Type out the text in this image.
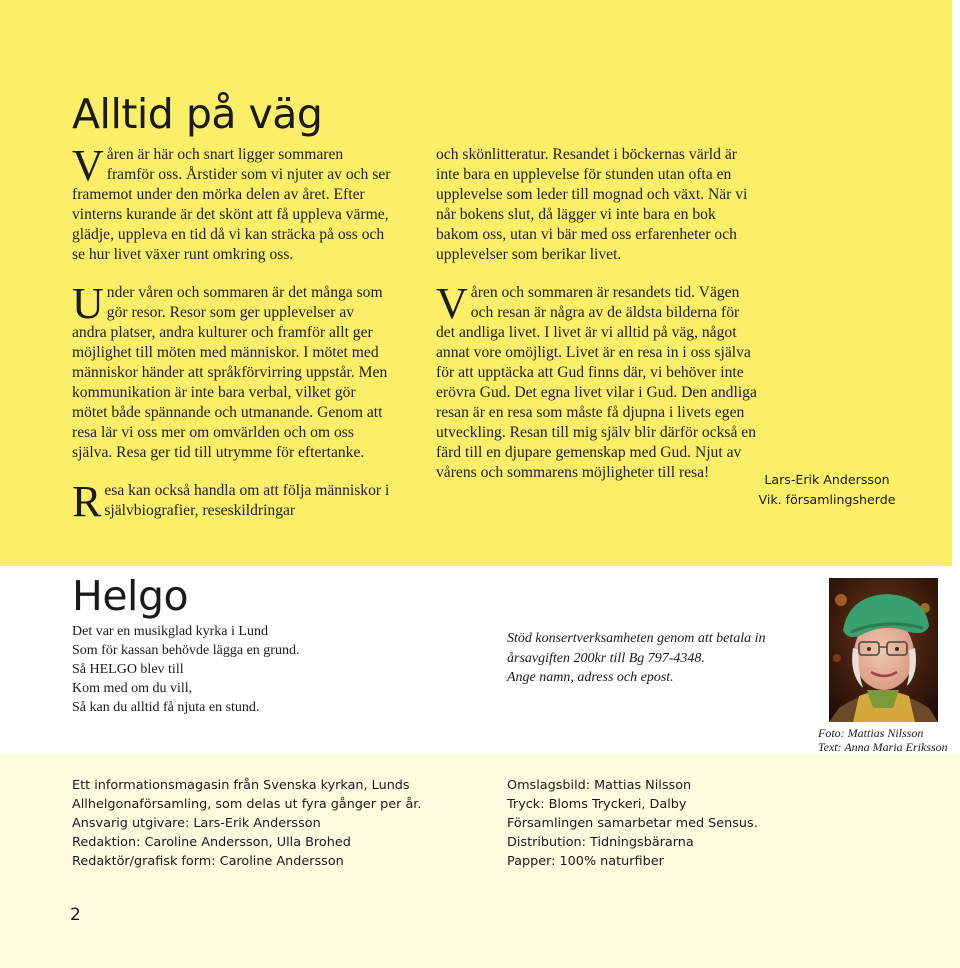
Alltid på väg

Våren är här och snart ligger sommaren framför oss. Årstider som vi njuter av och ser framemot under den mörka delen av året. Efter vinterns kurande är det skönt att få uppleva värme, glädje, uppleva en tid då vi kan sträcka på oss och se hur livet växer runt omkring oss.

Under våren och sommaren är det många som gör resor. Resor som ger upplevelser av andra platser, andra kulturer och framför allt ger möjlighet till möten med människor. I mötet med människor händer att språkförvirring uppstår. Men kommunikation är inte bara verbal, vilket gör mötet både spännande och utmanande. Genom att resa lär vi oss mer om omvärlden och om oss själva. Resa ger tid till utrymme för eftertanke.

Resa kan också handla om att följa människor i självbiografier, reseskildringar

och skönlitteratur. Resandet i böckernas värld är inte bara en upplevelse för stunden utan ofta en upplevelse som leder till mognad och växt. När vi når bokens slut, då lägger vi inte bara en bok bakom oss, utan vi bär med oss erfarenheter och upplevelser som berikar livet.

Våren och sommaren är resandets tid. Vägen och resan är några av de äldsta bilderna för det andliga livet. I livet är vi alltid på väg, något annat vore omöjligt. Livet är en resa in i oss själva för att upptäcka att Gud finns där, vi behöver inte erövra Gud. Det egna livet vilar i Gud. Den andliga resan är en resa som måste få djupna i livets egen utveckling. Resan till mig själv blir därför också en färd till en djupare gemenskap med Gud. Njut av vårens och sommarens möjligheter till resa!	Lars-Erik Andersson
Vik. församlingsherde
Helgo
Det var en musikglad kyrka i Lund
Som för kassan behövde lägga en grund.
Så HELGO blev till
Kom med om du vill,
Så kan du alltid få njuta en stund.
Stöd konsertverksamheten genom att betala in
årsavgiften 200kr till Bg 797-4348.
Ange namn, adress och epost.
Foto: Mattias Nilsson
Text: Anna Maria Eriksson
Ett informationsmagasin från Svenska kyrkan, Lunds
Allhelgonaförsamling, som delas ut fyra gånger per år.
Ansvarig utgivare: Lars-Erik Andersson
Redaktion: Caroline Andersson, Ulla Brohed
Redaktör/grafisk form: Caroline Andersson
Omslagsbild: Mattias Nilsson
Tryck: Bloms Tryckeri, Dalby
Församlingen samarbetar med Sensus.
Distribution: Tidningsbärarna
Papper: 100% naturfiber
2
